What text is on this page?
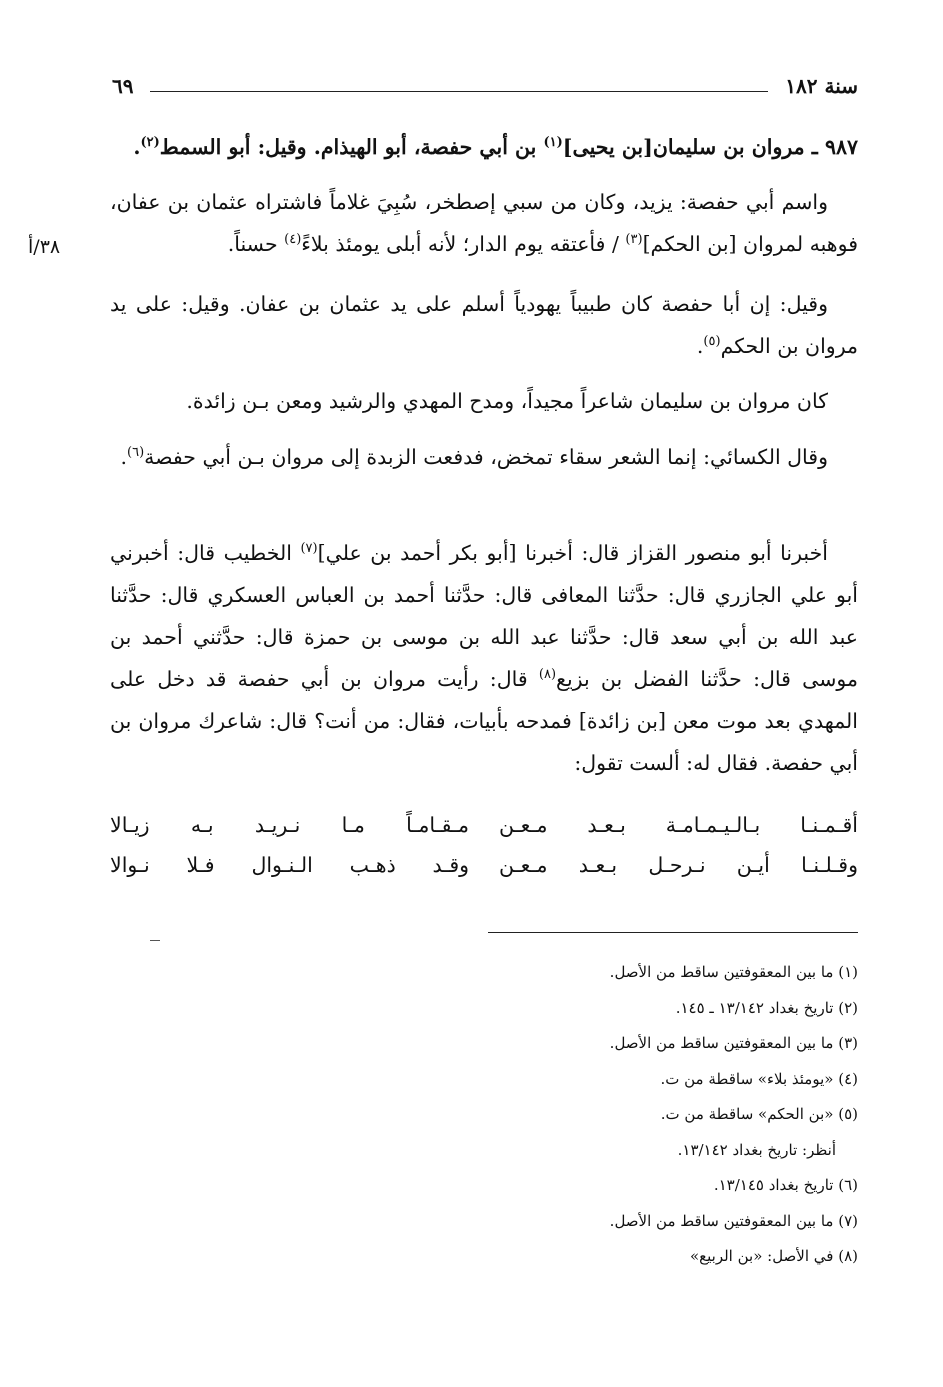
سنة ١٨٢
٦٩
٣٨/أ

٩٨٧ ـ مروان بن سليمان[بن يحيى]$^{(١)}$ بن أبي حفصة، أبو الهيذام. وقيل: أبو السمط$^{(٢)}$.

واسم أبي حفصة: يزيد، وكان من سبي إصطخر، سُبِيَ غلاماً فاشتراه عثمان بن عفان، فوهبه لمروان [بن الحكم]$^{(٣)}$ / فأعتقه يوم الدار؛ لأنه أبلى يومئذ بلاءً$^{(٤)}$ حسناً.

وقيل: إن أبا حفصة كان طبيباً يهودياً أسلم على يد عثمان بن عفان. وقيل: على يد مروان بن الحكم$^{(٥)}$.

كان مروان بن سليمان شاعراً مجيداً، ومدح المهدي والرشيد ومعن بـن زائدة.

وقال الكسائي: إنما الشعر سقاء تمخض، فدفعت الزبدة إلى مروان بـن أبي حفصة$^{(٦)}$.

أخبرنا أبو منصور القزاز قال: أخبرنا [أبو بكر أحمد بن علي]$^{(٧)}$ الخطيب قال: أخبرني أبو علي الجازري قال: حدَّثنا المعافى قال: حدَّثنا أحمد بن العباس العسكري قال: حدَّثنا عبد الله بن أبي سعد قال: حدَّثنا عبد الله بن موسى بن حمزة قال: حدَّثني أحمد بن موسى قال: حدَّثنا الفضل بن بزيع$^{(٨)}$ قال: رأيت مروان بن أبي حفصة قد دخل على المهدي بعد موت معن [بن زائدة] فمدحه بأبيات، فقال: من أنت؟ قال: شاعرك مروان بن أبي حفصة. فقال له: ألست تقول:

أقـمـنـا بـالـيـمـامـة بـعـد مـعـن
مـقـامـاً مـا نـريـد بـه زيـالا
وقـلـنـا أيـن نـرحـل بـعـد مـعـن
وقـد ذهـب الـنـوال فـلا نـوالا

(١) ما بين المعقوفتين ساقط من الأصل.

(٢) تاريخ بغداد ١٣/١٤٢ ـ ١٤٥.

(٣) ما بين المعقوفتين ساقط من الأصل.

(٤) «يومئذ بلاء» ساقطة من ت.

(٥) «بن الحكم» ساقطة من ت.

أنظر: تاريخ بغداد ١٣/١٤٢.

(٦) تاريخ بغداد ١٣/١٤٥.

(٧) ما بين المعقوفتين ساقط من الأصل.

(٨) في الأصل: «بن الربيع»
